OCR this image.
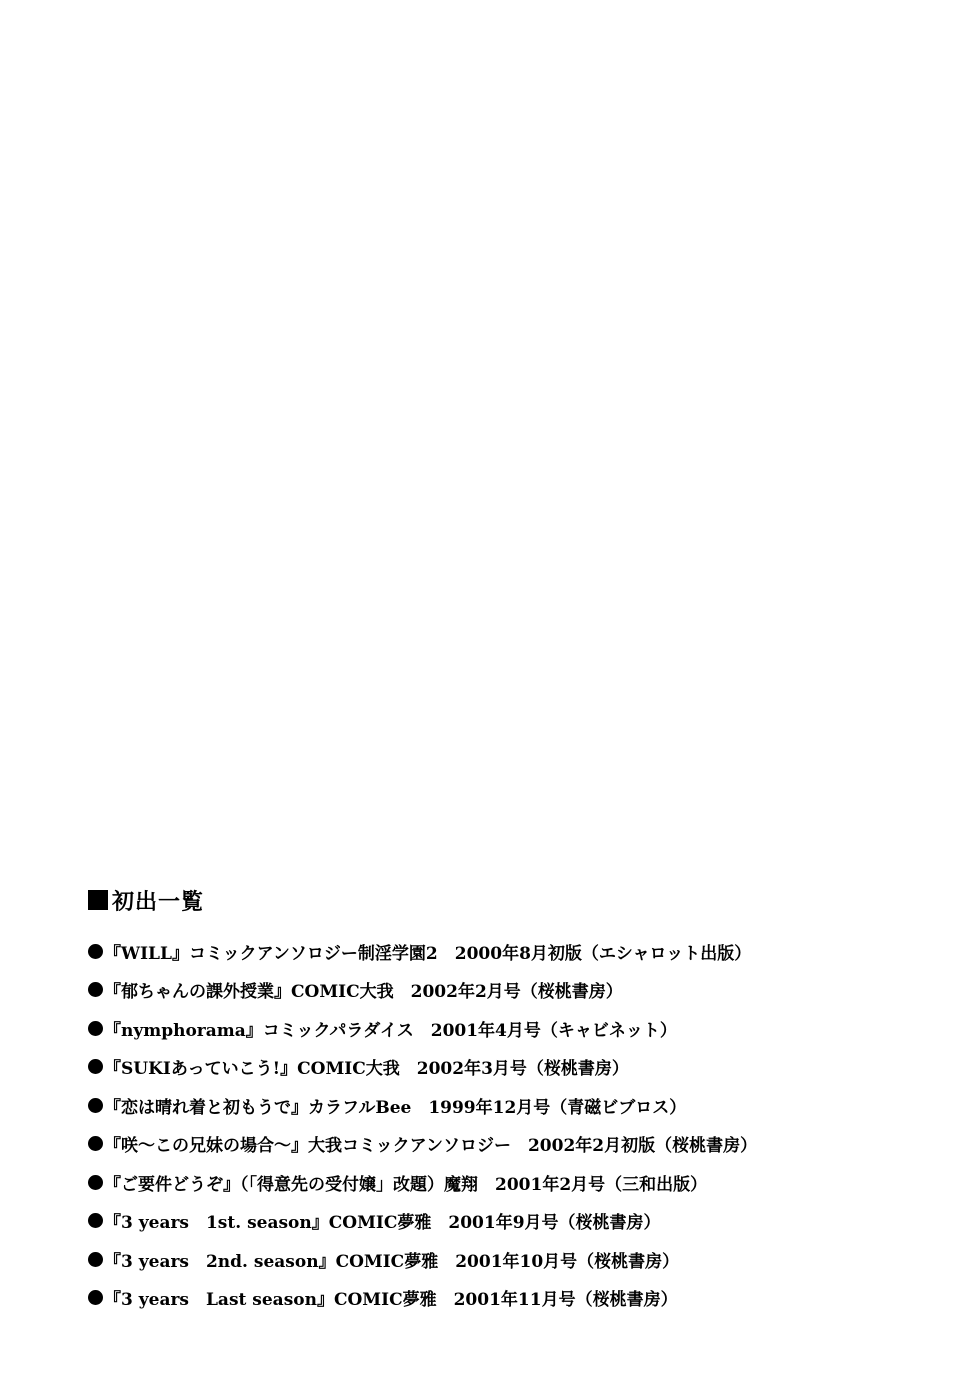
初出一覧
『WILL』コミックアンソロジー制淫学園2　2000年8月初版（エシャロット出版）
『郁ちゃんの課外授業』COMIC大我　2002年2月号（桜桃書房）
『nymphorama』コミックパラダイス　2001年4月号（キャビネット）
『SUKIあっていこう!』COMIC大我　2002年3月号（桜桃書房）
『恋は晴れ着と初もうで』カラフルBee　1999年12月号（青磁ビブロス）
『咲～この兄妹の場合～』大我コミックアンソロジー　2002年2月初版（桜桃書房）
『ご要件どうぞ』（「得意先の受付嬢」改題）魔翔　2001年2月号（三和出版）
『3 years　1st. season』COMIC夢雅　2001年9月号（桜桃書房）
『3 years　2nd. season』COMIC夢雅　2001年10月号（桜桃書房）
『3 years　Last season』COMIC夢雅　2001年11月号（桜桃書房）
